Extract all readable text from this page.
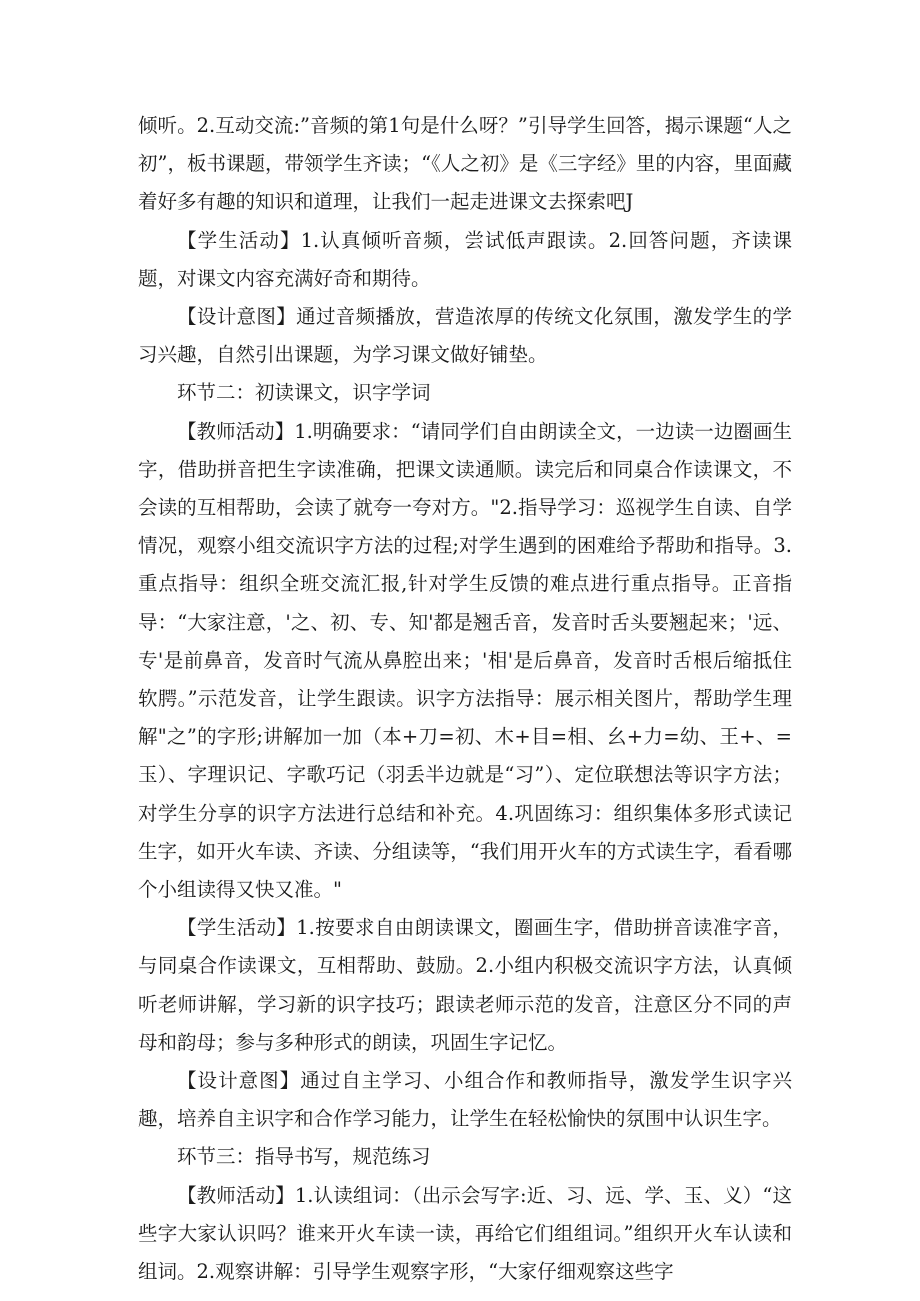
倾听。2.互动交流:”音频的第1句是什么呀？”引导学生回答，揭示课题“人之初”，板书课题，带领学生齐读；“《人之初》是《三字经》里的内容，里面藏着好多有趣的知识和道理，让我们一起走进课文去探索吧J

【学生活动】1.认真倾听音频，尝试低声跟读。2.回答问题，齐读课题，对课文内容充满好奇和期待。

【设计意图】通过音频播放，营造浓厚的传统文化氛围，激发学生的学习兴趣，自然引出课题，为学习课文做好铺垫。

环节二：初读课文，识字学词

【教师活动】1.明确要求：“请同学们自由朗读全文，一边读一边圈画生字，借助拼音把生字读准确，把课文读通顺。读完后和同桌合作读课文，不会读的互相帮助，会读了就夸一夸对方。"2.指导学习：巡视学生自读、自学情况，观察小组交流识字方法的过程;对学生遇到的困难给予帮助和指导。3.重点指导：组织全班交流汇报,针对学生反馈的难点进行重点指导。正音指导：“大家注意，'之、初、专、知'都是翘舌音，发音时舌头要翘起来；'远、专'是前鼻音，发音时气流从鼻腔出来；'相'是后鼻音，发音时舌根后缩抵住软腭。”示范发音，让学生跟读。识字方法指导：展示相关图片，帮助学生理解"之”的字形;讲解加一加（本+刀=初、木+目=相、幺+力=幼、王+、=玉）、字理识记、字歌巧记（羽丢半边就是“习”）、定位联想法等识字方法；对学生分享的识字方法进行总结和补充。4.巩固练习：组织集体多形式读记生字，如开火车读、齐读、分组读等，“我们用开火车的方式读生字，看看哪个小组读得又快又准。"

【学生活动】1.按要求自由朗读课文，圈画生字，借助拼音读准字音，与同桌合作读课文，互相帮助、鼓励。2.小组内积极交流识字方法，认真倾听老师讲解，学习新的识字技巧；跟读老师示范的发音，注意区分不同的声母和韵母；参与多种形式的朗读，巩固生字记忆。

【设计意图】通过自主学习、小组合作和教师指导，激发学生识字兴趣，培养自主识字和合作学习能力，让学生在轻松愉快的氛围中认识生字。

环节三：指导书写，规范练习

【教师活动】1.认读组词：（出示会写字:近、习、远、学、玉、义）“这些字大家认识吗？谁来开火车读一读，再给它们组组词。”组织开火车认读和组词。2.观察讲解：引导学生观察字形，“大家仔细观察这些字
